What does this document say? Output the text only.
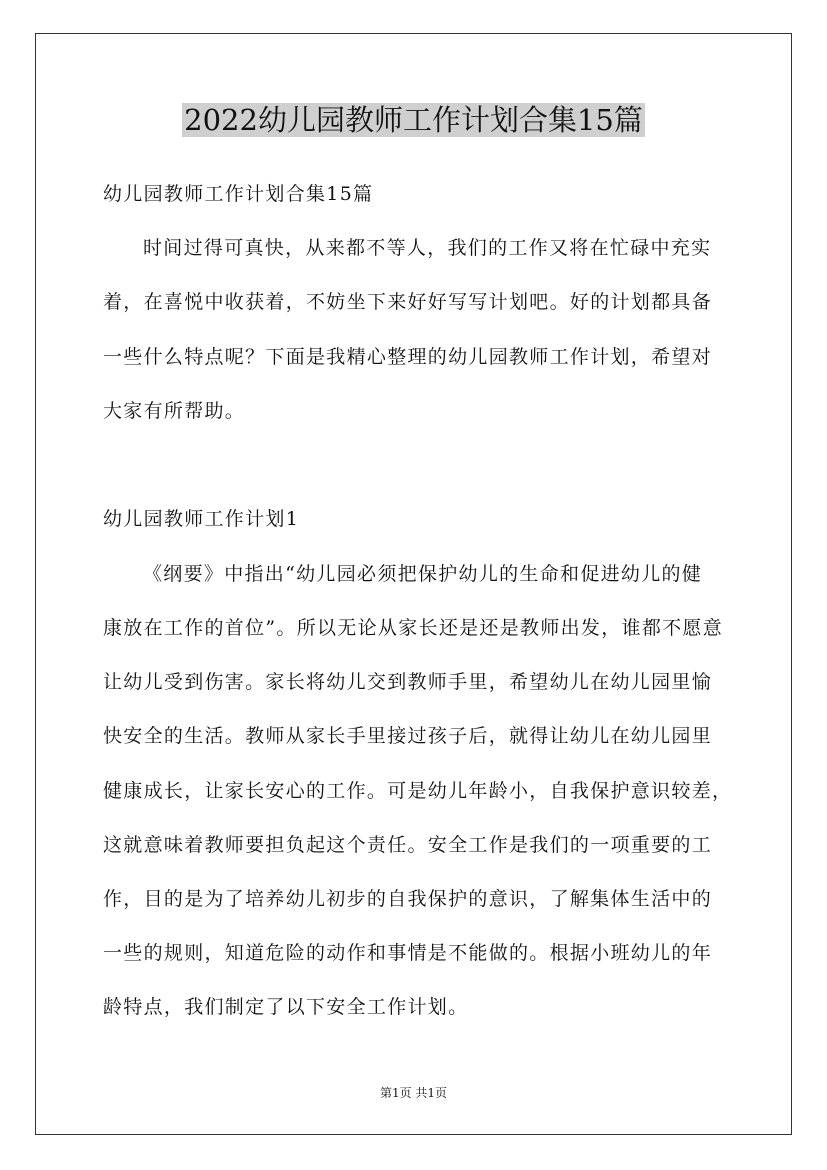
2022幼儿园教师工作计划合集15篇
幼儿园教师工作计划合集15篇
时间过得可真快，从来都不等人，我们的工作又将在忙碌中充实
着，在喜悦中收获着，不妨坐下来好好写写计划吧。好的计划都具备
一些什么特点呢？下面是我精心整理的幼儿园教师工作计划，希望对
大家有所帮助。
幼儿园教师工作计划1
《纲要》中指出“幼儿园必须把保护幼儿的生命和促进幼儿的健
康放在工作的首位”。所以无论从家长还是还是教师出发，谁都不愿意
让幼儿受到伤害。家长将幼儿交到教师手里，希望幼儿在幼儿园里愉
快安全的生活。教师从家长手里接过孩子后，就得让幼儿在幼儿园里
健康成长，让家长安心的工作。可是幼儿年龄小，自我保护意识较差，
这就意味着教师要担负起这个责任。安全工作是我们的一项重要的工
作，目的是为了培养幼儿初步的自我保护的意识，了解集体生活中的
一些的规则，知道危险的动作和事情是不能做的。根据小班幼儿的年
龄特点，我们制定了以下安全工作计划。
第1页 共1页
